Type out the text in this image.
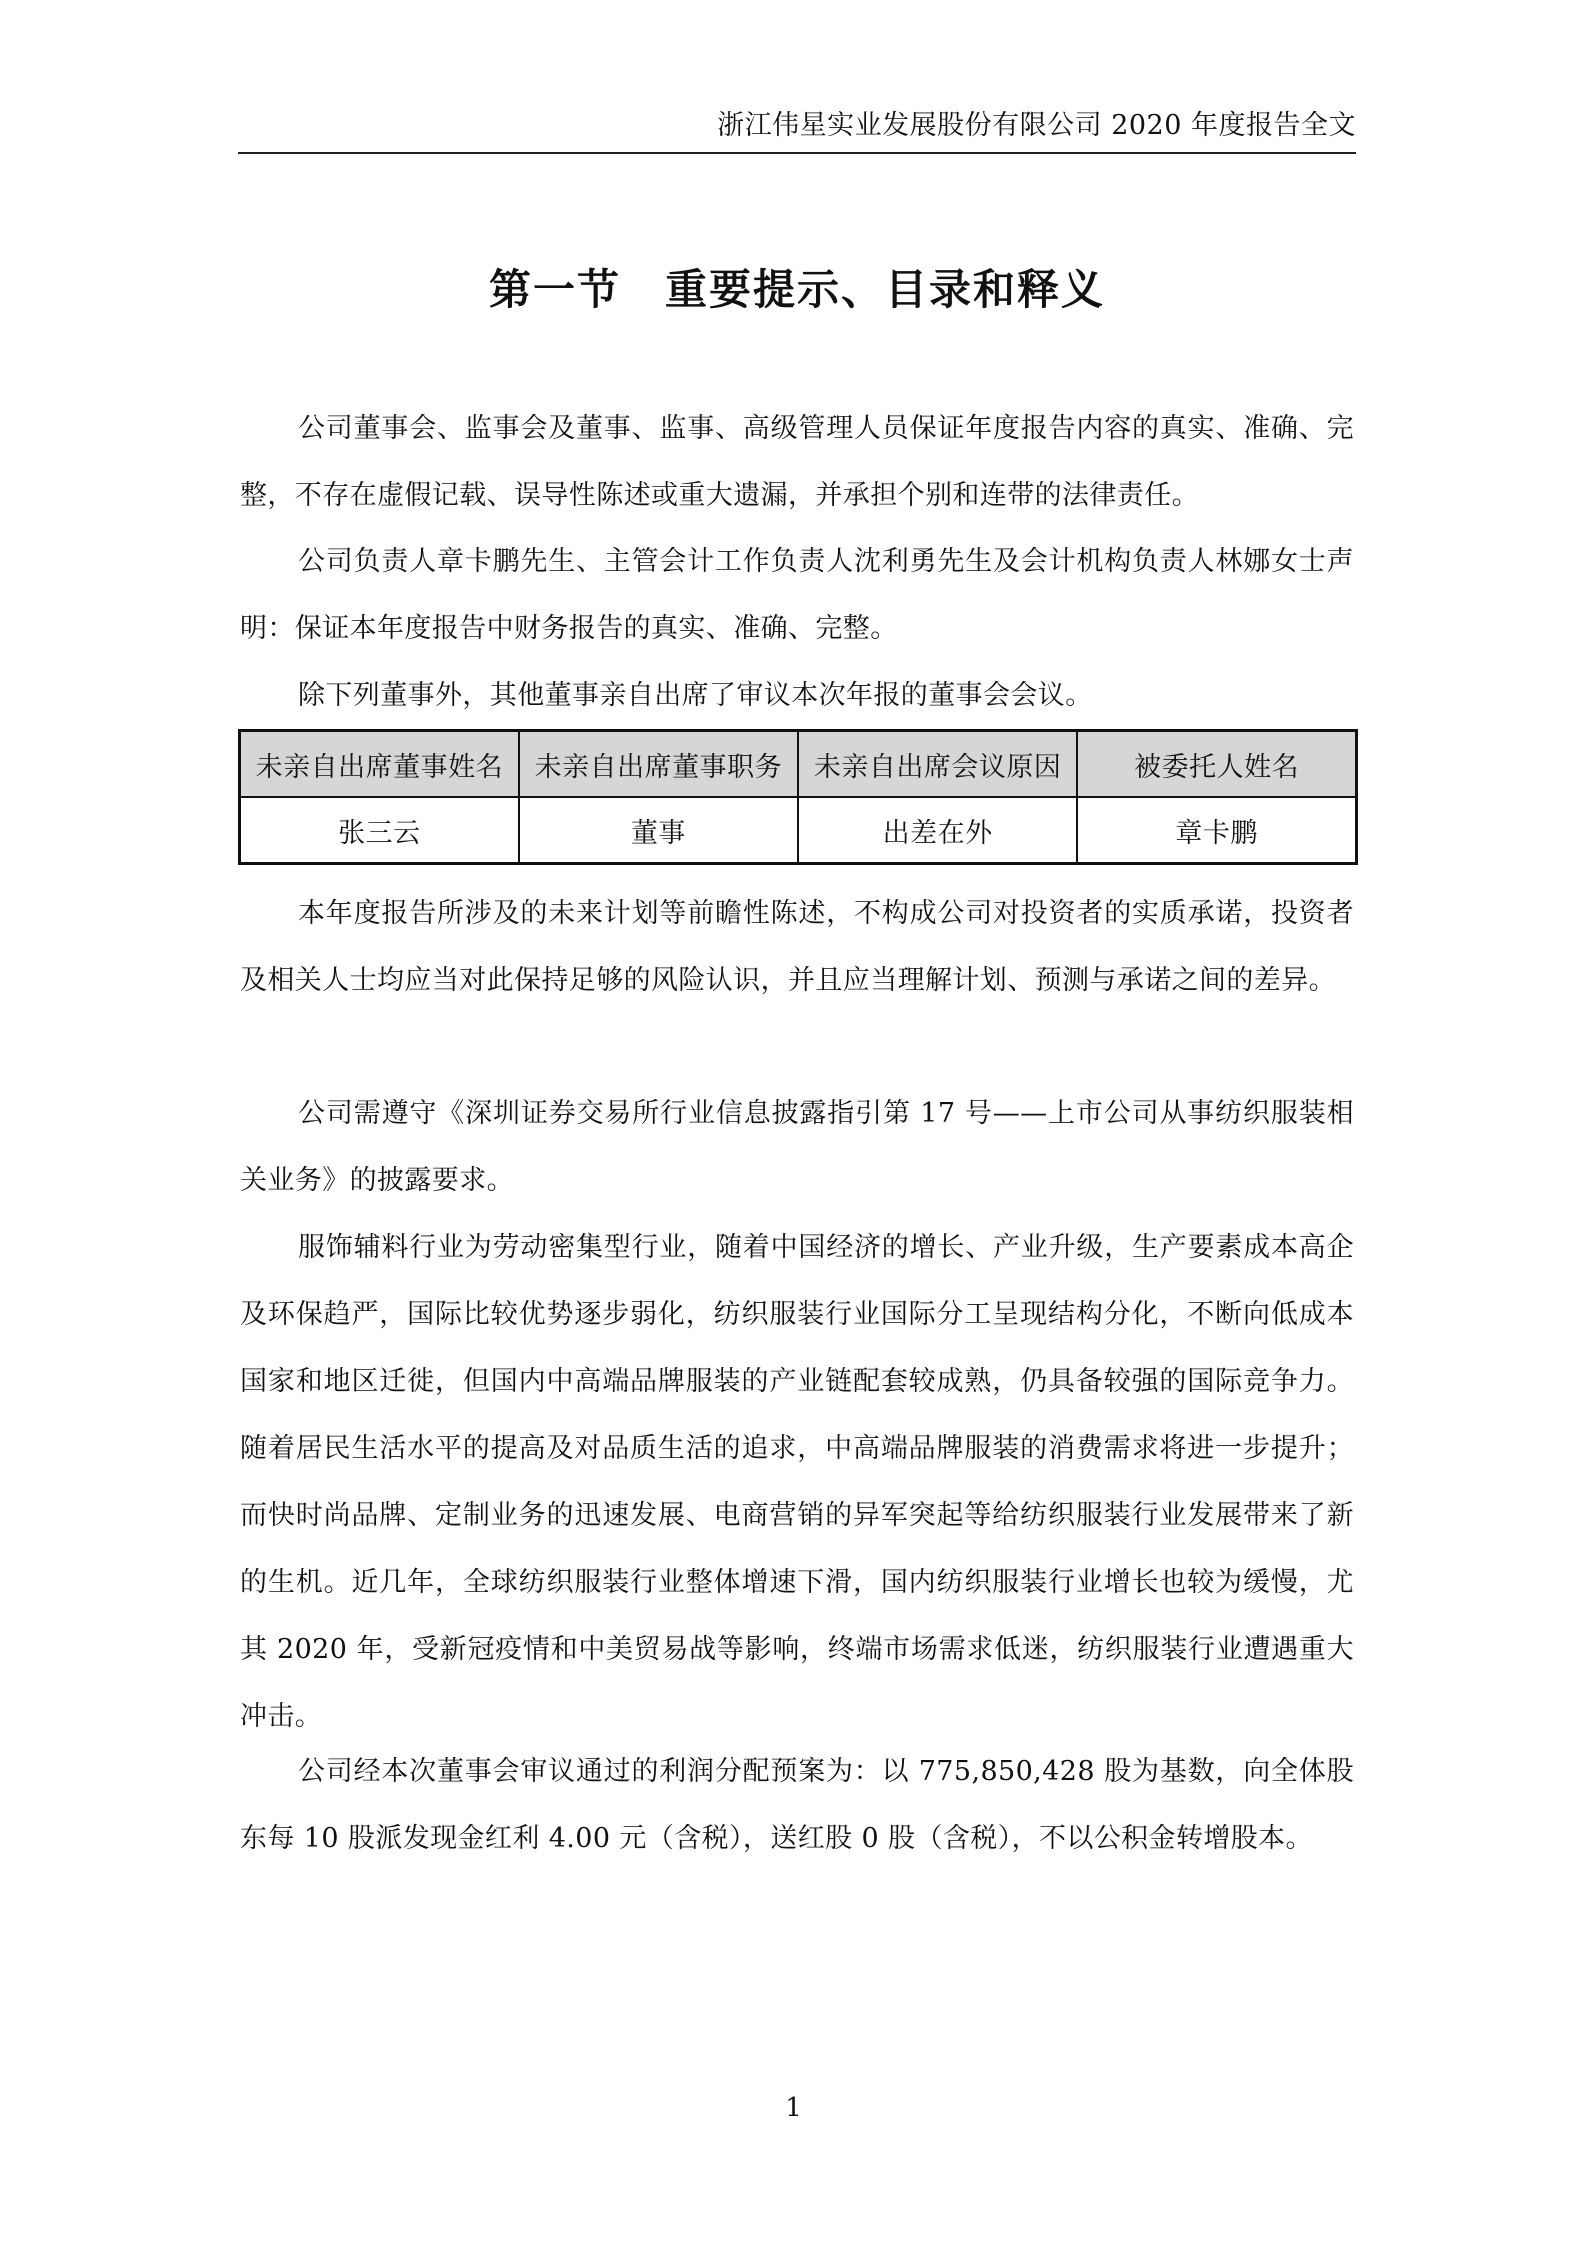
浙江伟星实业发展股份有限公司 2020 年度报告全文
第一节 重要提示、目录和释义

公司董事会、监事会及董事、监事、高级管理人员保证年度报告内容的真实、准确、完整，不存在虚假记载、误导性陈述或重大遗漏，并承担个别和连带的法律责任。

公司负责人章卡鹏先生、主管会计工作负责人沈利勇先生及会计机构负责人林娜女士声明：保证本年度报告中财务报告的真实、准确、完整。

除下列董事外，其他董事亲自出席了审议本次年报的董事会会议。

未亲自出席董事姓名	未亲自出席董事职务	未亲自出席会议原因	被委托人姓名
张三云	董事	出差在外	章卡鹏

本年度报告所涉及的未来计划等前瞻性陈述，不构成公司对投资者的实质承诺，投资者及相关人士均应当对此保持足够的风险认识，并且应当理解计划、预测与承诺之间的差异。

公司需遵守《深圳证券交易所行业信息披露指引第 17 号——上市公司从事纺织服装相关业务》的披露要求。

服饰辅料行业为劳动密集型行业，随着中国经济的增长、产业升级，生产要素成本高企及环保趋严，国际比较优势逐步弱化，纺织服装行业国际分工呈现结构分化，不断向低成本国家和地区迁徙，但国内中高端品牌服装的产业链配套较成熟，仍具备较强的国际竞争力。随着居民生活水平的提高及对品质生活的追求，中高端品牌服装的消费需求将进一步提升；而快时尚品牌、定制业务的迅速发展、电商营销的异军突起等给纺织服装行业发展带来了新的生机。近几年，全球纺织服装行业整体增速下滑，国内纺织服装行业增长也较为缓慢，尤其 2020 年，受新冠疫情和中美贸易战等影响，终端市场需求低迷，纺织服装行业遭遇重大冲击。

公司经本次董事会审议通过的利润分配预案为：以 775,850,428 股为基数，向全体股东每 10 股派发现金红利 4.00 元（含税），送红股 0 股（含税），不以公积金转增股本。

1
